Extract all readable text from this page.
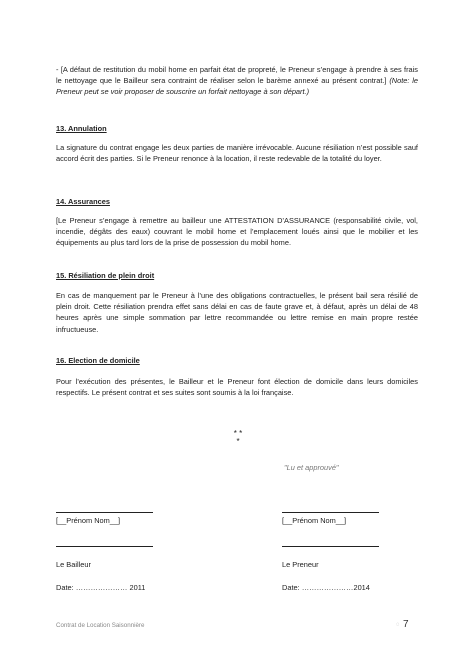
- [A défaut de restitution du mobil home en parfait état de propreté, le Preneur s’engage à prendre à ses frais le nettoyage que le Bailleur sera contraint de réaliser selon le barème annexé au présent contrat.] (Note: le Preneur peut se voir proposer de souscrire un forfait nettoyage à son départ.)
13. Annulation
La signature du contrat engage les deux parties de manière irrévocable. Aucune résiliation n’est possible sauf accord écrit des parties. Si le Preneur renonce à la location, il reste redevable de la totalité du loyer.
14. Assurances
[Le Preneur s’engage à remettre au bailleur une ATTESTATION D’ASSURANCE (responsabilité civile, vol, incendie, dégâts des eaux) couvrant le mobil home et l’emplacement loués ainsi que le mobilier et les équipements au plus tard lors de la prise de possession du mobil home.
15. Résiliation de plein droit
En cas de manquement par le Preneur à l’une des obligations contractuelles, le présent bail sera résilié de plein droit. Cette résiliation prendra effet sans délai en cas de faute grave et, à défaut, après un délai de 48 heures après une simple sommation par lettre recommandée ou lettre remise en main propre restée infructueuse.
16. Election de domicile
Pour l’exécution des présentes, le Bailleur et le Preneur font élection de domicile dans leurs domiciles respectifs. Le présent contrat et ses suites sont soumis à la loi française.
* *
*
"Lu et approuvé"
[__Prénom Nom__]	[__Prénom Nom__]
Le Bailleur	Le Preneur
Date: ………………… 2011	Date: …………………2014
Contrat de Location Saisonnière	◌ 7
